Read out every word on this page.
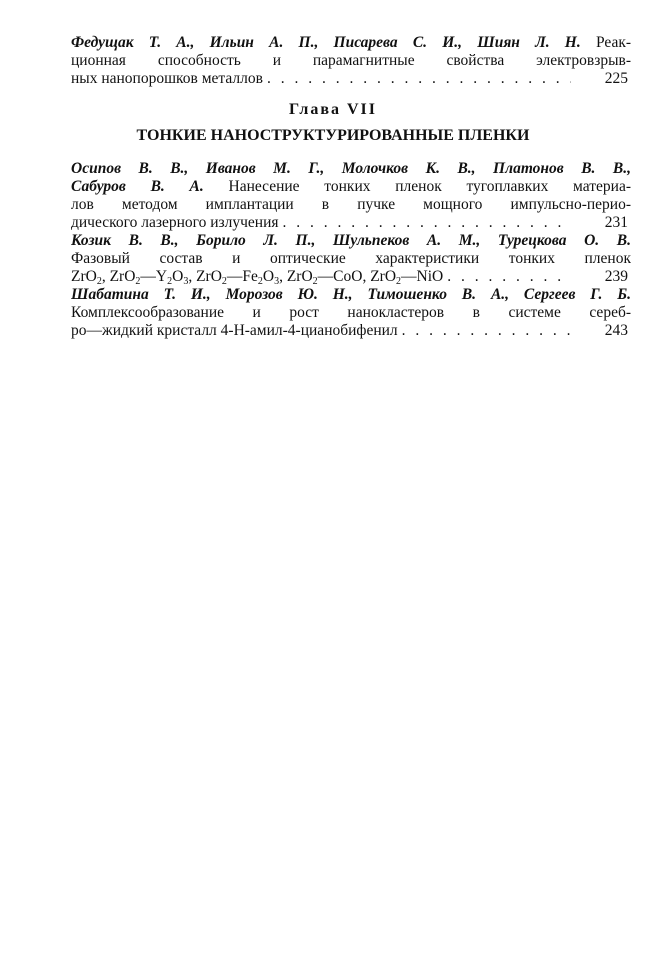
Федущак Т. А., Ильин А. П., Писарева С. И., Шиян Л. Н. Реак-
ционная способность и парамагнитные свойства электровзрыв-
ных нанопорошков металлов . . .	225
Глава VII
ТОНКИЕ НАНОСТРУКТУРИРОВАННЫЕ ПЛЕНКИ
Осипов В. В., Иванов М. Г., Молочков К. В., Платонов В. В.,
Сабуров В. А. Нанесение тонких пленок тугоплавких материа-
лов методом имплантации в пучке мощного импульсно-перио-
дического лазерного излучения . . .	231
Козик В. В., Борило Л. П., Шульпеков А. М., Турецкова О. В.
Фазовый состав и оптические характеристики тонких пленок
ZrO$_2$, $ZrO_2—Y_2O_3$, $ZrO_2—Fe_2O_3$, ZrO$_2$—CoO, ZrO$_2$—NiO . . .	239
Шабатина Т. И., Морозов Ю. Н., Тимошенко В. А., Сергеев Г. Б.
Комплексообразование и рост нанокластеров в системе сереб-
ро—жидкий кристалл 4-Н-амил-4-цианобифенил . . .	243
